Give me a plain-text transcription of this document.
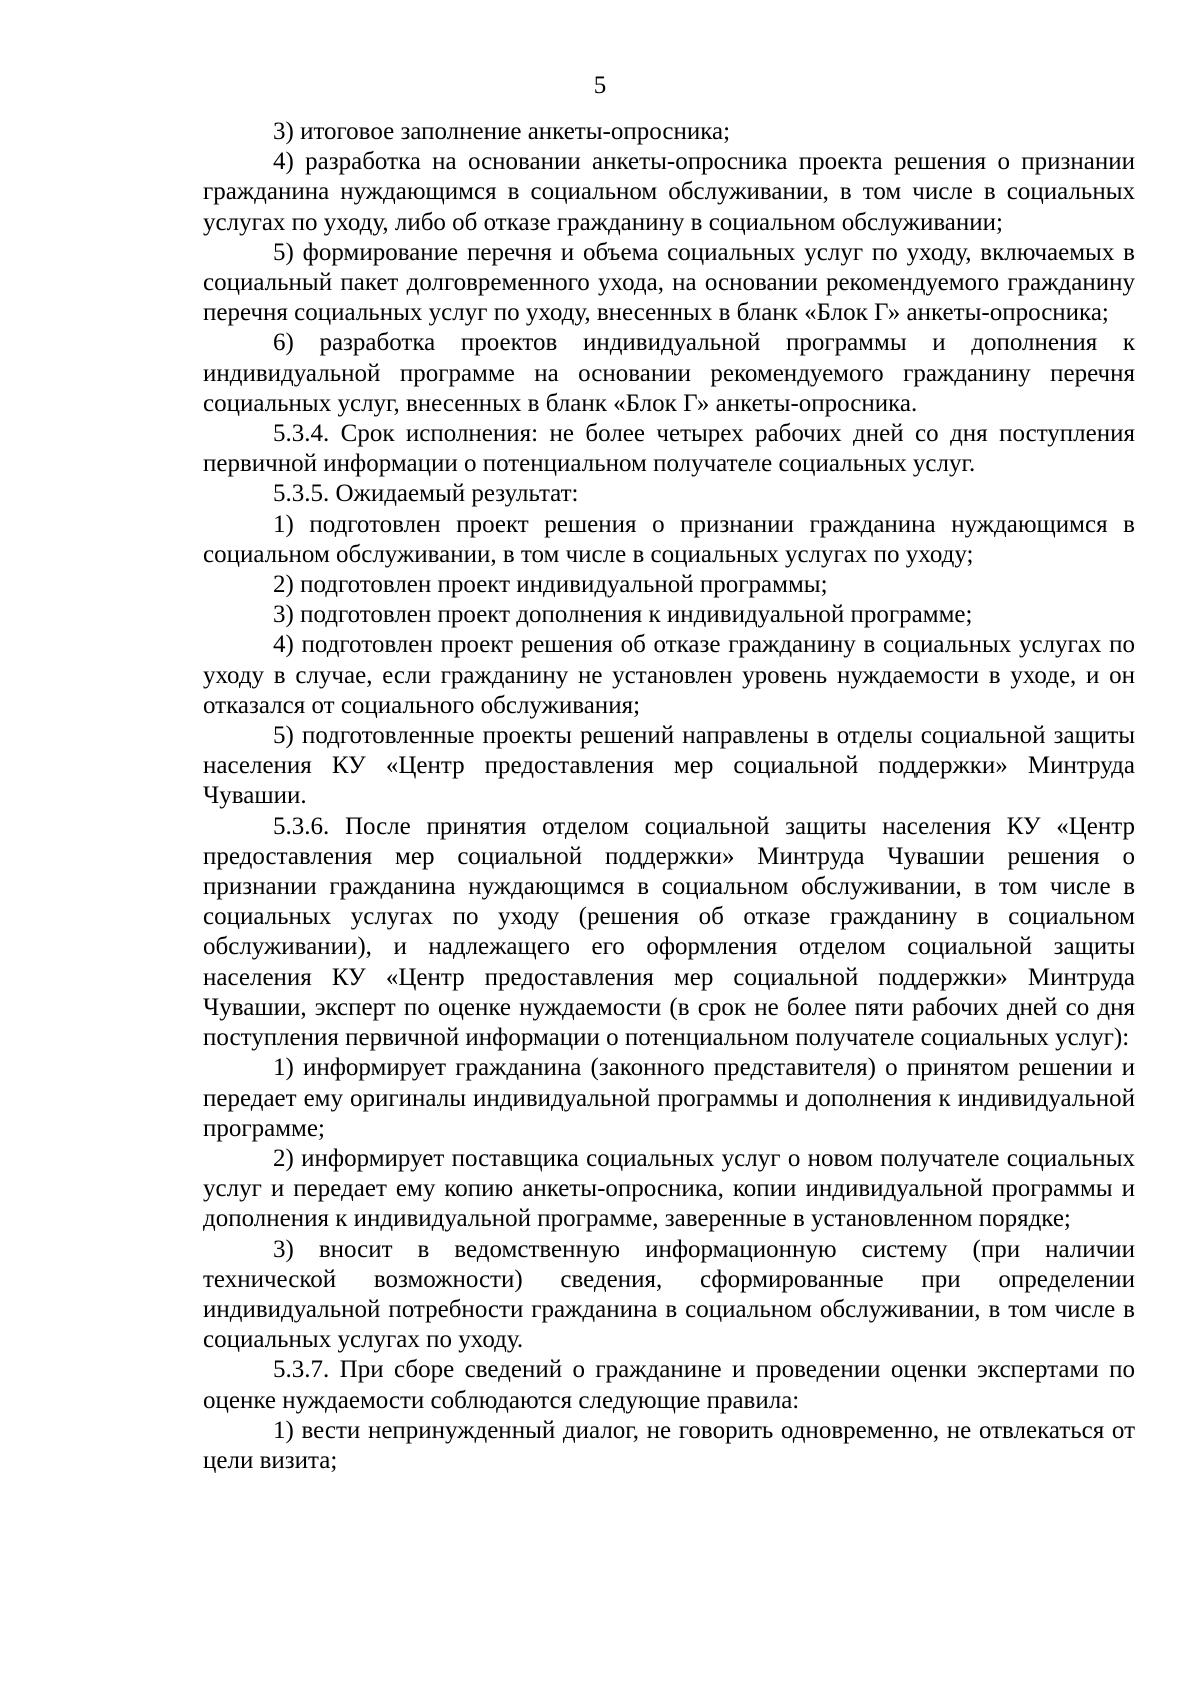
5

3) итоговое заполнение анкеты-опросника;

4) разработка на основании анкеты-опросника проекта решения о признании гражданина нуждающимся в социальном обслуживании, в том числе в социальных услугах по уходу, либо об отказе гражданину в социальном обслуживании;

5) формирование перечня и объема социальных услуг по уходу, включаемых в социальный пакет долговременного ухода, на основании рекомендуемого гражданину перечня социальных услуг по уходу, внесенных в бланк «Блок Г» анкеты-опросника;

6) разработка проектов индивидуальной программы и дополнения к индивидуальной программе на основании рекомендуемого гражданину перечня социальных услуг, внесенных в бланк «Блок Г» анкеты-опросника.

5.3.4. Срок исполнения: не более четырех рабочих дней со дня поступления первичной информации о потенциальном получателе социальных услуг.

5.3.5. Ожидаемый результат:

1) подготовлен проект решения о признании гражданина нуждающимся в социальном обслуживании, в том числе в социальных услугах по уходу;

2) подготовлен проект индивидуальной программы;

3) подготовлен проект дополнения к индивидуальной программе;

4) подготовлен проект решения об отказе гражданину в социальных услугах по уходу в случае, если гражданину не установлен уровень нуждаемости в уходе, и он отказался от социального обслуживания;

5) подготовленные проекты решений направлены в отделы социальной защиты населения КУ «Центр предоставления мер социальной поддержки» Минтруда Чувашии.

5.3.6. После принятия отделом социальной защиты населения КУ «Центр предоставления мер социальной поддержки» Минтруда Чувашии решения о признании гражданина нуждающимся в социальном обслуживании, в том числе в социальных услугах по уходу (решения об отказе гражданину в социальном обслуживании), и надлежащего его оформления отделом социальной защиты населения КУ «Центр предоставления мер социальной поддержки» Минтруда Чувашии, эксперт по оценке нуждаемости (в срок не более пяти рабочих дней со дня поступления первичной информации о потенциальном получателе социальных услуг):

1) информирует гражданина (законного представителя) о принятом решении и передает ему оригиналы индивидуальной программы и дополнения к индивидуальной программе;

2) информирует поставщика социальных услуг о новом получателе социальных услуг и передает ему копию анкеты-опросника, копии индивидуальной программы и дополнения к индивидуальной программе, заверенные в установленном порядке;

3) вносит в ведомственную информационную систему (при наличии технической возможности) сведения, сформированные при определении индивидуальной потребности гражданина в социальном обслуживании, в том числе в социальных услугах по уходу.

5.3.7. При сборе сведений о гражданине и проведении оценки экспертами по оценке нуждаемости соблюдаются следующие правила:

1) вести непринужденный диалог, не говорить одновременно, не отвлекаться от цели визита;
